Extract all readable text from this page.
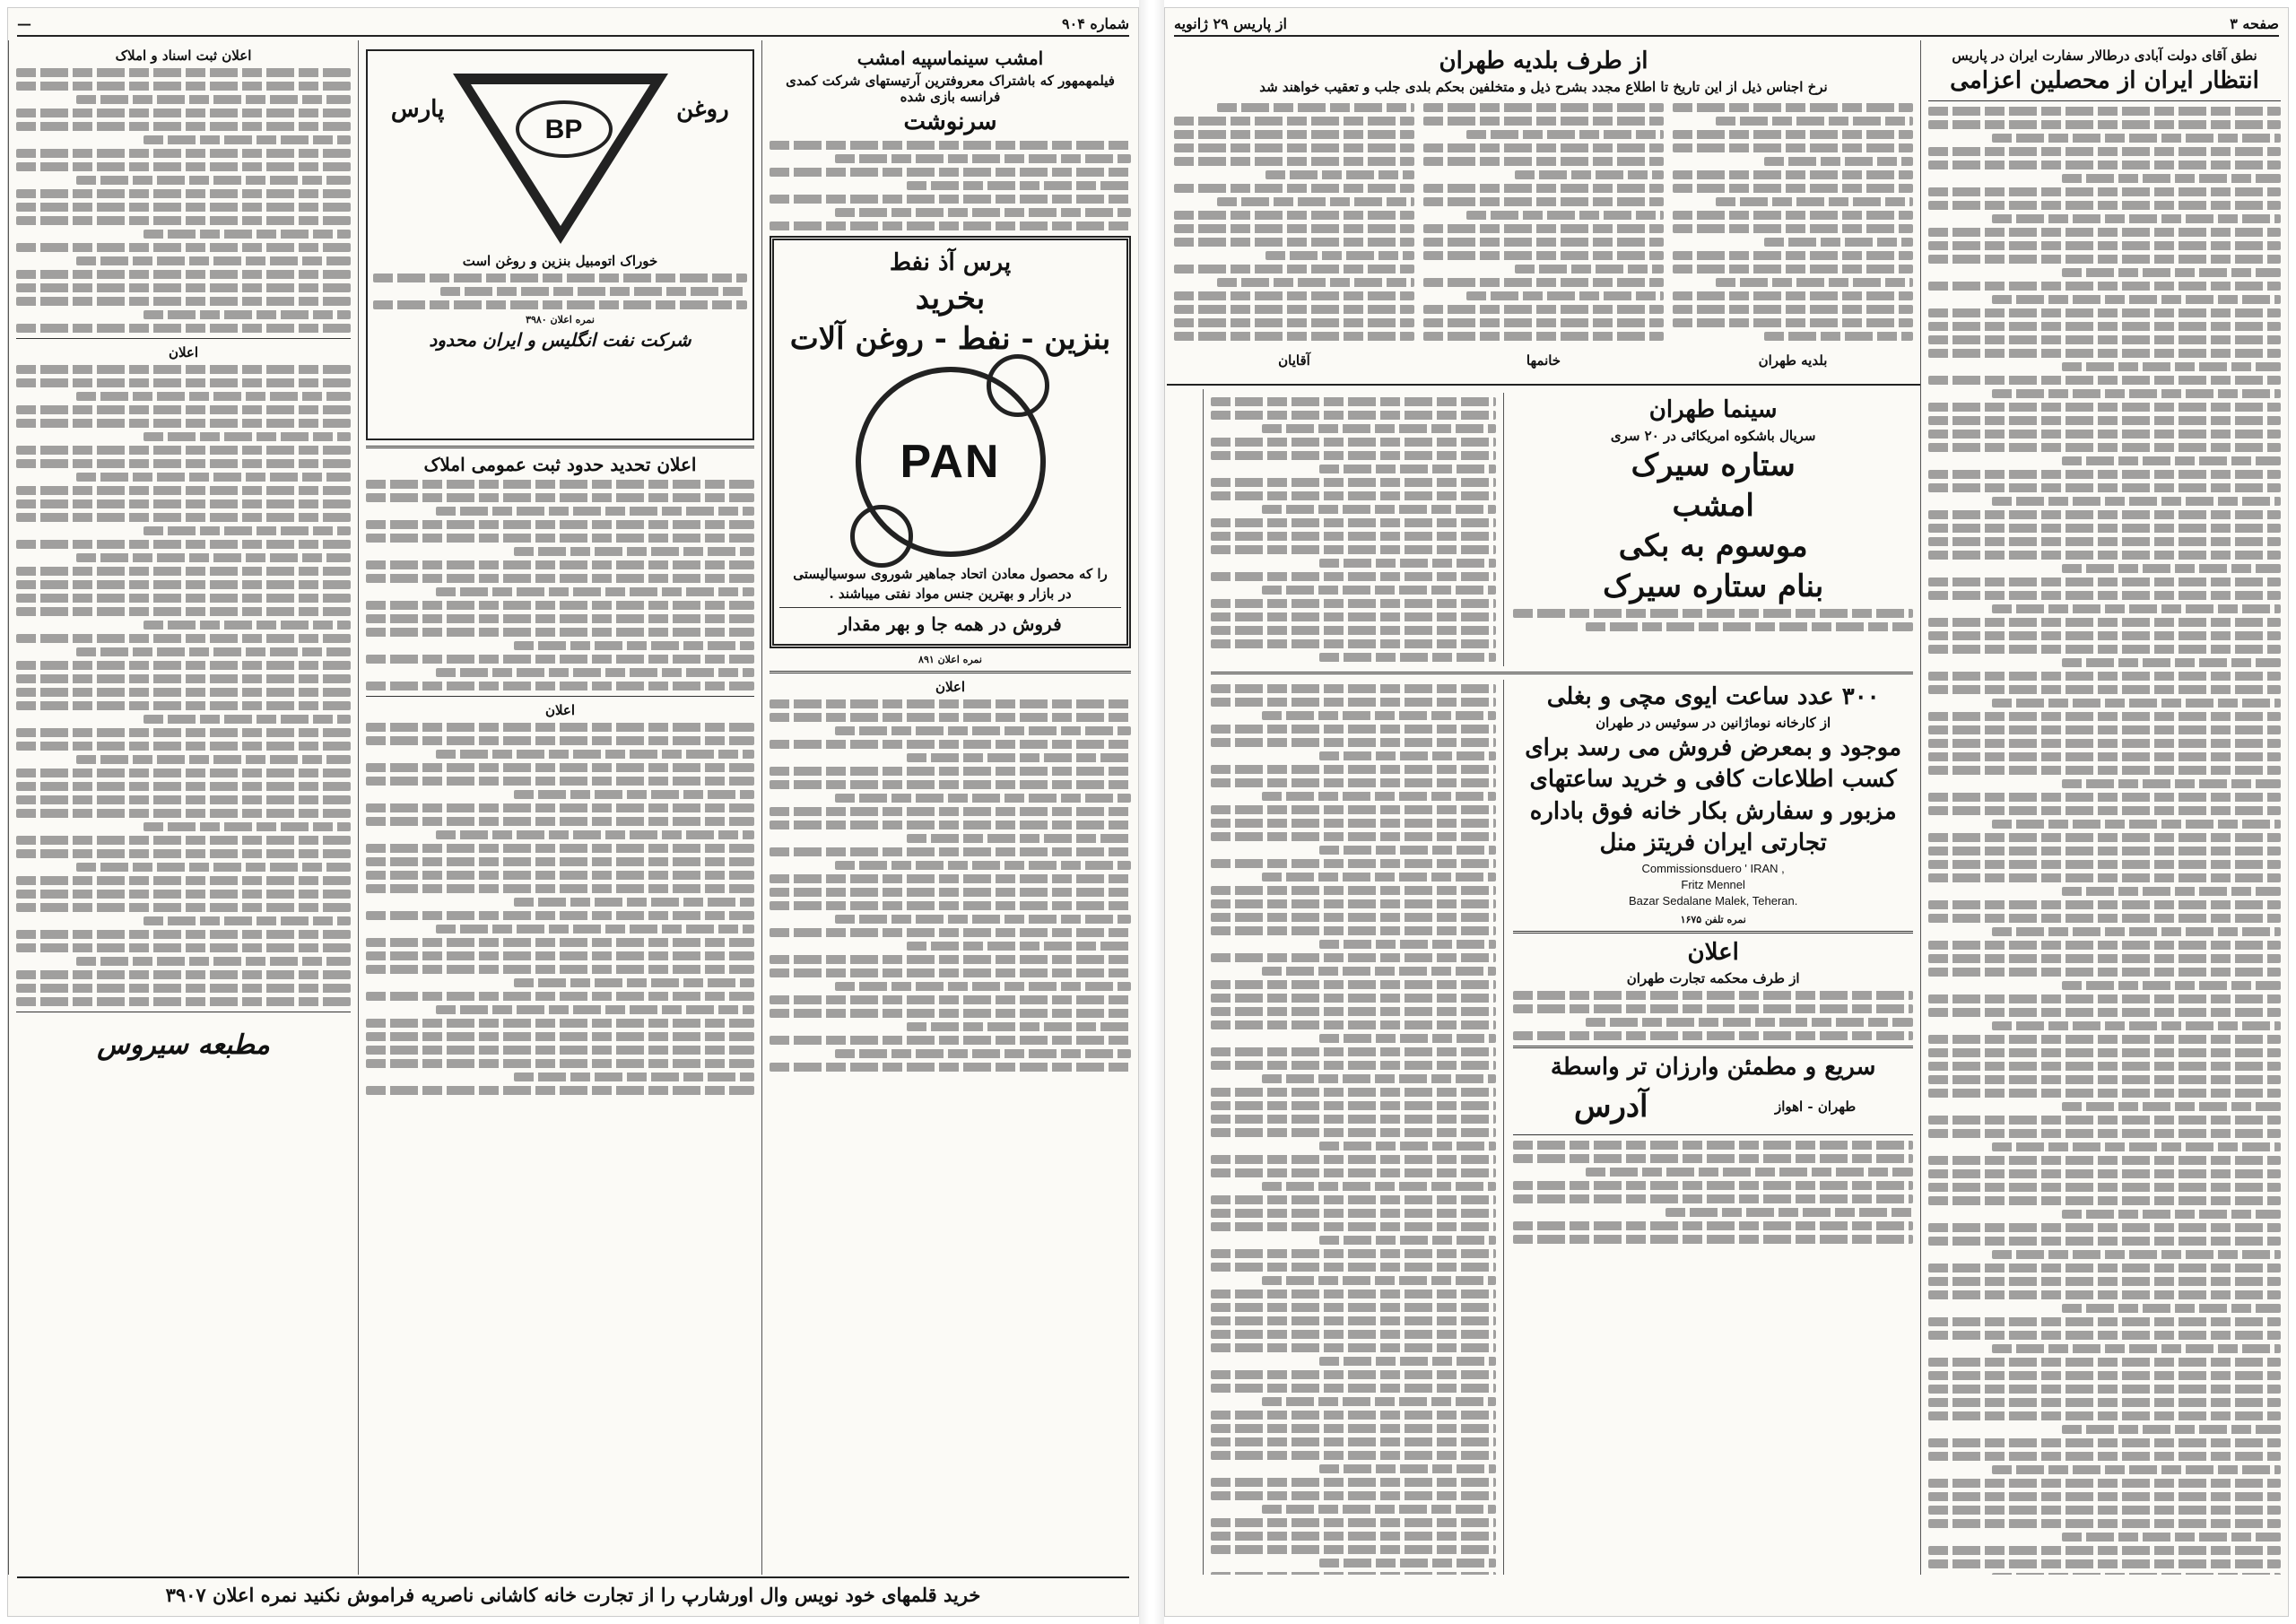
شماره ۹۰۴
—
امشب سینماسپیه امشب
فیلمهمهور که باشتراک معروفترین آرتیستهای شرکت کمدی فرانسه بازی شده
سرنوشت
پرس آذ نفط
بخرید
بنزین - نفط - روغن آلات
PAN
را که محصول معادن اتحاد جماهیر شوروی سوسیالیستی
در بازار و بهترین جنس مواد نفتی میباشند .
فروش در همه جا و بهر مقدار
نمره اعلان ۸۹۱
اعلان
روغن
پارس
BP
خوراک اتومبیل بنزین و روغن است
نمره اعلان ۳۹۸۰
شرکت نفت انگلیس و ایران محدود
اعلان تحدید حدود ثبت عمومی املاک
اعلان
اعلان ثبت اسناد و املاک
اعلان
مطبعه سیروس
خرید قلمهای خود نویس وال اورشارپ را از تجارت خانه کاشانی ناصریه فراموش نکنید نمره اعلان ۳۹۰۷
صفحه ۳
از پاریس ۲۹ ژانویه
نطق آقای دولت آبادی درطالار سفارت ایران در پاریس
انتظار ایران از محصلین اعزامی
سینما طهران
سریال باشکوه امریکائی در ۲۰ سری
ستاره سیرک
امشب
موسوم به بکی
بنام ستاره سیرک
۳۰۰ عدد ساعت ایوی مچی و بغلی
از کارخانه نوماژانین در سوئیس در طهران
موجود و بمعرض فروش می رسد برای
کسب اطلاعات کافی و خرید ساعتهای
مزبور و سفارش بکار خانه فوق باداره
تجارتی ایران فریتز منل
Commissionsduero ' IRAN ,
Fritz Mennel
Bazar Sedalane Malek, Teheran.
نمره تلفن ۱۶۷۵
اعلان
از طرف محکمه تجارت طهران
سریع و مطمئن وارزان تر واسطة
طهران - اهواز
آدرس
از طرف بلدیه طهران
نرخ اجناس ذیل از این تاریخ تا اطلاع مجدد بشرح ذیل و متخلفین بحکم بلدی جلب و تعقیب خواهند شد
بلدیه طهران
خانمها
آقایان
